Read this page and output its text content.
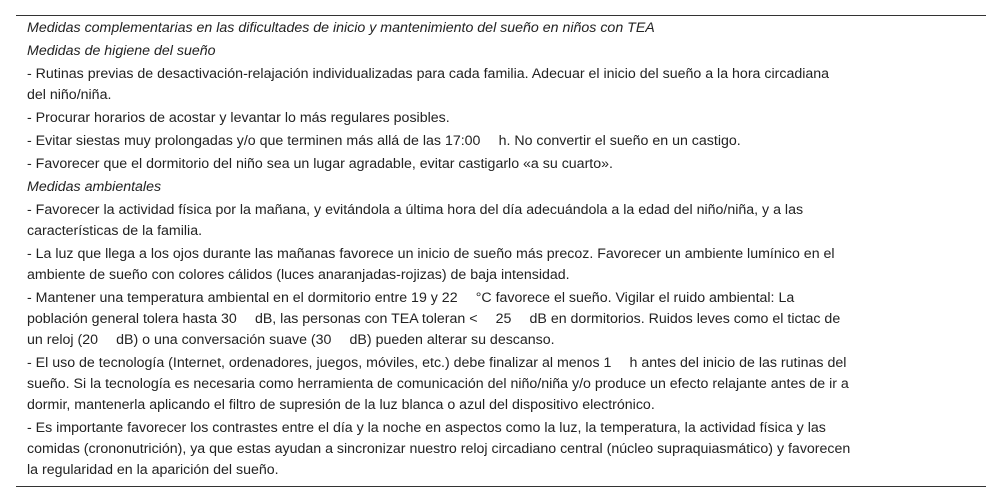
Medidas complementarias en las dificultades de inicio y mantenimiento del sueño en niños con TEA
Medidas de higiene del sueño
- Rutinas previas de desactivación-relajación individualizadas para cada familia. Adecuar el inicio del sueño a la hora circadiana
del niño/niña.
- Procurar horarios de acostar y levantar lo más regulares posibles.
- Evitar siestas muy prolongadas y/o que terminen más allá de las 17:00  h. No convertir el sueño en un castigo.
- Favorecer que el dormitorio del niño sea un lugar agradable, evitar castigarlo «a su cuarto».
Medidas ambientales
- Favorecer la actividad física por la mañana, y evitándola a última hora del día adecuándola a la edad del niño/niña, y a las
características de la familia.
- La luz que llega a los ojos durante las mañanas favorece un inicio de sueño más precoz. Favorecer un ambiente lumínico en el
ambiente de sueño con colores cálidos (luces anaranjadas-rojizas) de baja intensidad.
- Mantener una temperatura ambiental en el dormitorio entre 19 y 22  °C favorece el sueño. Vigilar el ruido ambiental: La
población general tolera hasta 30  dB, las personas con TEA toleran <  25  dB en dormitorios. Ruidos leves como el tictac de
un reloj (20  dB) o una conversación suave (30  dB) pueden alterar su descanso.
- El uso de tecnología (Internet, ordenadores, juegos, móviles, etc.) debe finalizar al menos 1  h antes del inicio de las rutinas del
sueño. Si la tecnología es necesaria como herramienta de comunicación del niño/niña y/o produce un efecto relajante antes de ir a
dormir, mantenerla aplicando el filtro de supresión de la luz blanca o azul del dispositivo electrónico.
- Es importante favorecer los contrastes entre el día y la noche en aspectos como la luz, la temperatura, la actividad física y las
comidas (crononutrición), ya que estas ayudan a sincronizar nuestro reloj circadiano central (núcleo supraquiasmático) y favorecen
la regularidad en la aparición del sueño.
